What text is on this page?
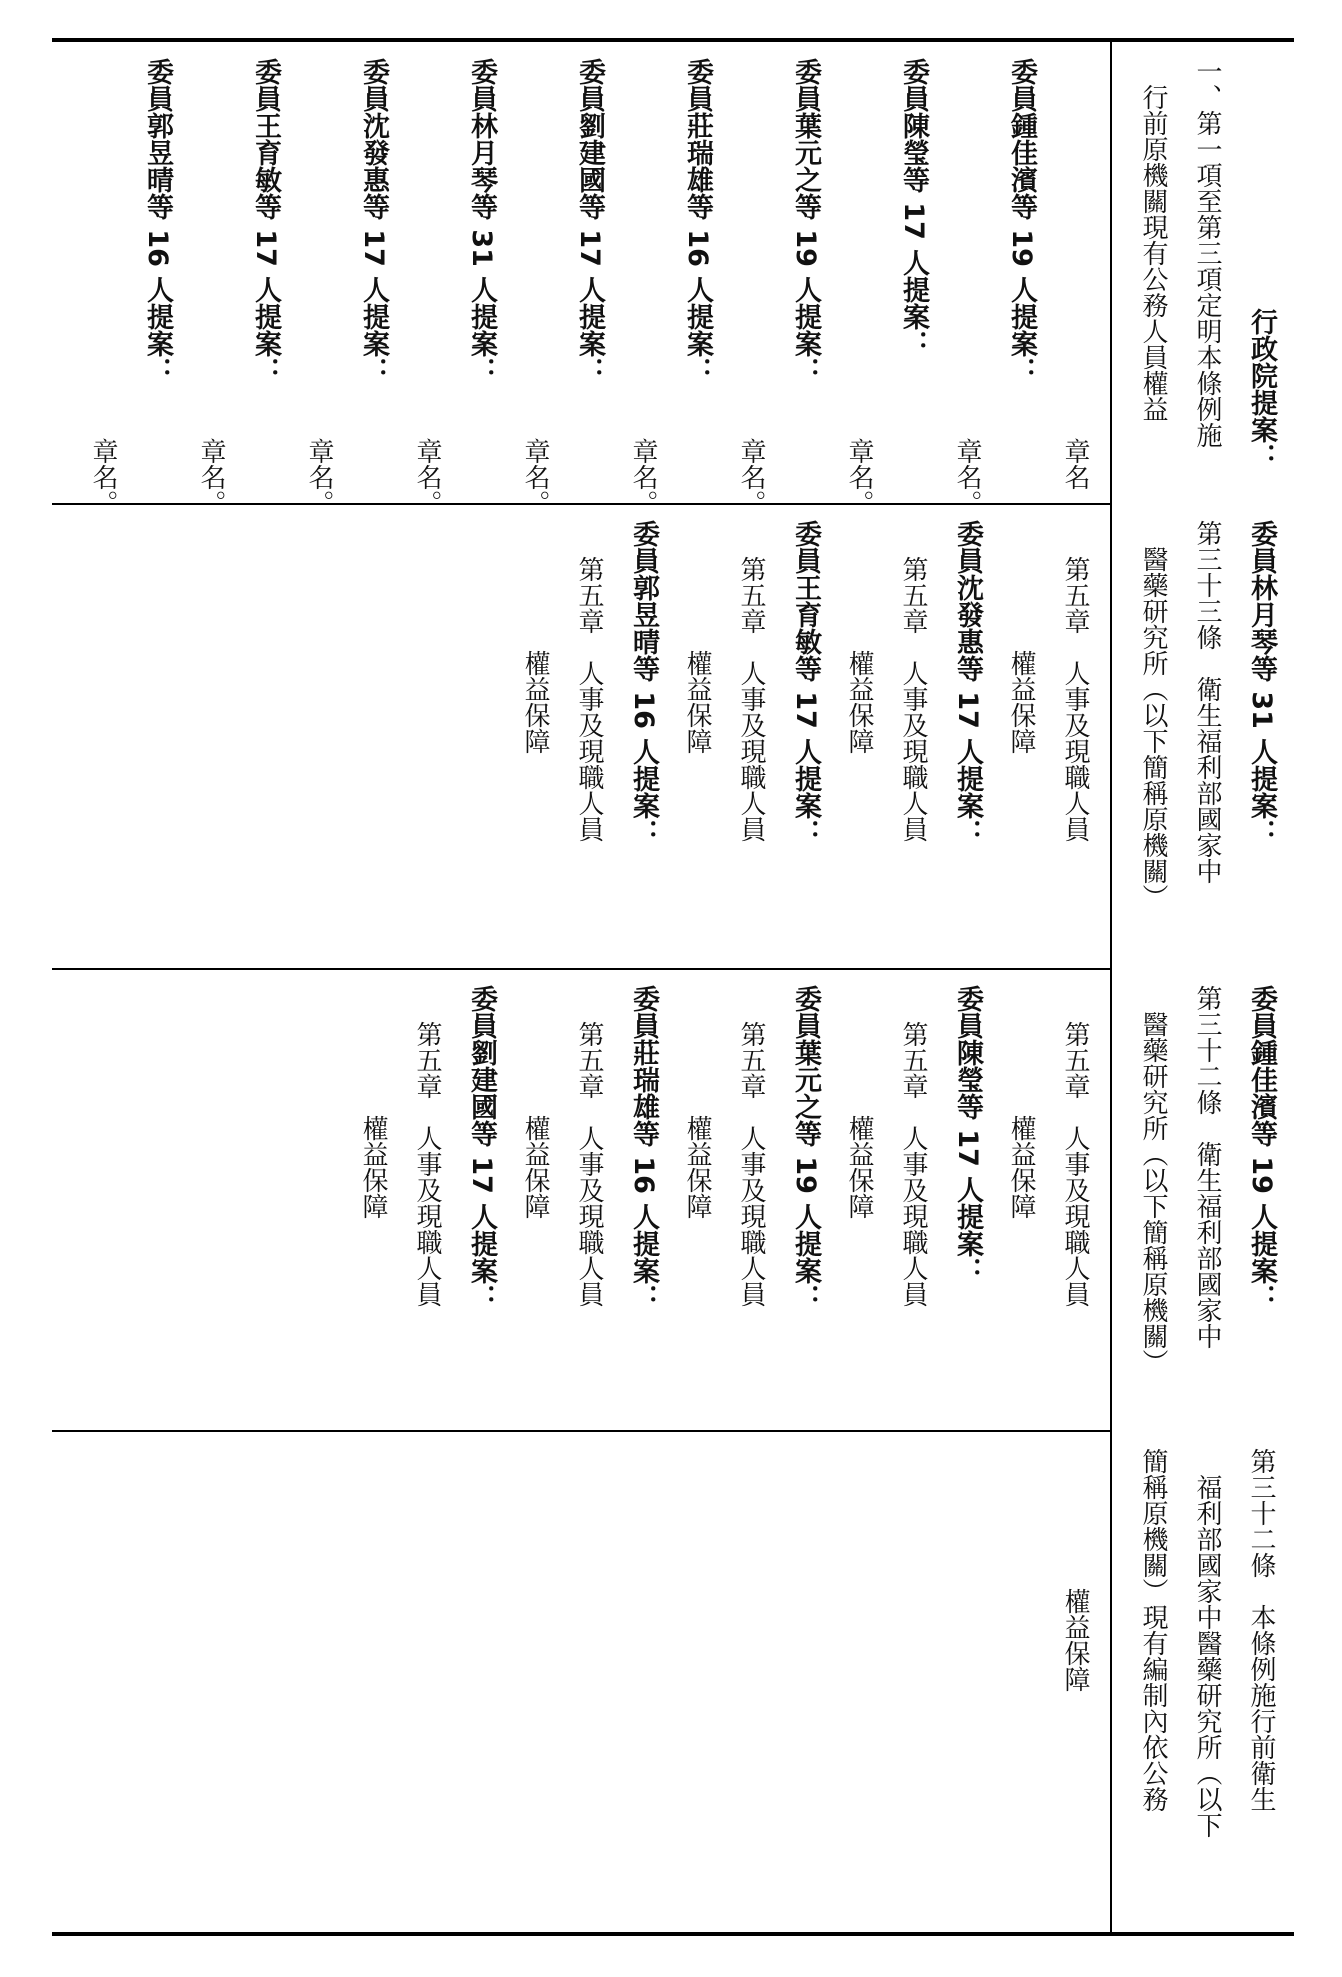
章名
委員鍾佳濱等 19 人提案：
章名。
委員陳瑩等 17 人提案：
章名。
委員葉元之等 19 人提案：
章名。
委員莊瑞雄等 16 人提案：
章名。
委員劉建國等 17 人提案：
章名。
委員林月琴等 31 人提案：
章名。
委員沈發惠等 17 人提案：
章名。
委員王育敏等 17 人提案：
章名。
委員郭昱晴等 16 人提案：
章名。
第五章　人事及現職人員
權益保障
委員沈發惠等 17 人提案：
第五章　人事及現職人員
權益保障
委員王育敏等 17 人提案：
第五章　人事及現職人員
權益保障
委員郭昱晴等 16 人提案：
第五章　人事及現職人員
權益保障
第五章　人事及現職人員
權益保障
委員陳瑩等 17 人提案：
第五章　人事及現職人員
權益保障
委員葉元之等 19 人提案：
第五章　人事及現職人員
權益保障
委員莊瑞雄等 16 人提案：
第五章　人事及現職人員
權益保障
委員劉建國等 17 人提案：
第五章　人事及現職人員
權益保障
權益保障
行政院提案：
一、第一項至第三項定明本條例施
行前原機關現有公務人員權益
委員林月琴等 31 人提案：
第三十三條　衛生福利部國家中
醫藥研究所（以下簡稱原機關）
委員鍾佳濱等 19 人提案：
第三十二條　衛生福利部國家中
醫藥研究所（以下簡稱原機關）
第三十二條　本條例施行前衛生
福利部國家中醫藥研究所（以下
簡稱原機關）現有編制內依公務
